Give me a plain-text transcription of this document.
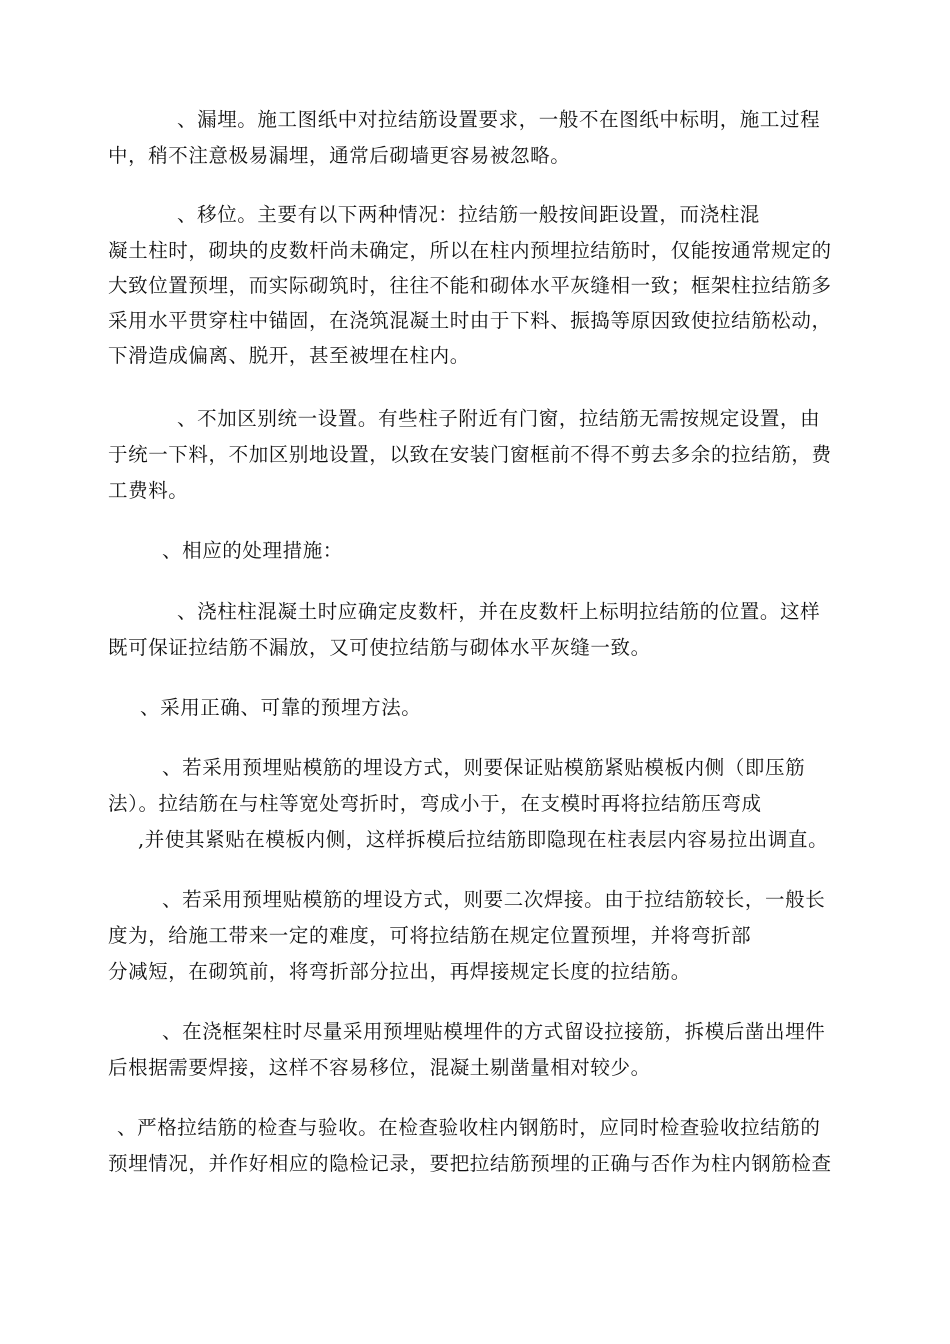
、漏埋。施工图纸中对拉结筋设置要求，一般不在图纸中标明，施工过程
中，稍不注意极易漏埋，通常后砌墙更容易被忽略。
、移位。主要有以下两种情况：拉结筋一般按间距设置，而浇柱混
凝土柱时，砌块的皮数杆尚未确定，所以在柱内预埋拉结筋时，仅能按通常规定的
大致位置预埋，而实际砌筑时，往往不能和砌体水平灰缝相一致；框架柱拉结筋多
采用水平贯穿柱中锚固，在浇筑混凝土时由于下料、振捣等原因致使拉结筋松动，
下滑造成偏离、脱开，甚至被埋在柱内。
、不加区别统一设置。有些柱子附近有门窗，拉结筋无需按规定设置，由
于统一下料，不加区别地设置，以致在安装门窗框前不得不剪去多余的拉结筋，费
工费料。
、相应的处理措施：
、浇柱柱混凝土时应确定皮数杆，并在皮数杆上标明拉结筋的位置。这样
既可保证拉结筋不漏放，又可使拉结筋与砌体水平灰缝一致。
、采用正确、可靠的预埋方法。
、若采用预埋贴模筋的埋设方式，则要保证贴模筋紧贴模板内侧（即压筋
法）。拉结筋在与柱等宽处弯折时，弯成小于，在支模时再将拉结筋压弯成
,并使其紧贴在模板内侧，这样拆模后拉结筋即隐现在柱表层内容易拉出调直。
、若采用预埋贴模筋的埋设方式，则要二次焊接。由于拉结筋较长，一般长
度为，给施工带来一定的难度，可将拉结筋在规定位置预埋，并将弯折部
分减短，在砌筑前，将弯折部分拉出，再焊接规定长度的拉结筋。
、在浇框架柱时尽量采用预埋贴模埋件的方式留设拉接筋，拆模后凿出埋件
后根据需要焊接，这样不容易移位，混凝土剔凿量相对较少。
、严格拉结筋的检查与验收。在检查验收柱内钢筋时，应同时检查验收拉结筋的
预埋情况，并作好相应的隐检记录，要把拉结筋预埋的正确与否作为柱内钢筋检查
